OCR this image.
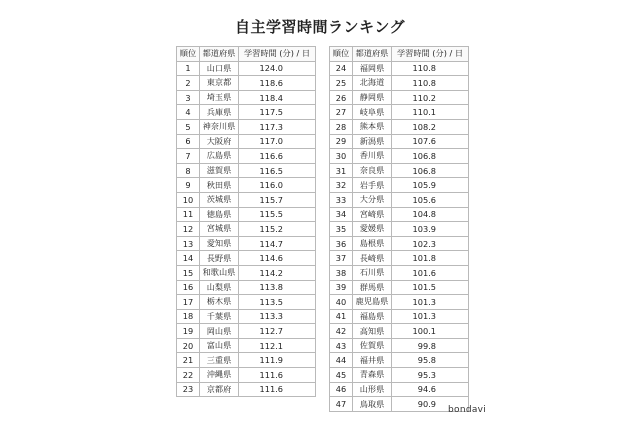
自主学習時間ランキング
順位	都道府県	学習時間 (分) / 日
1	山口県	124.0
2	東京都	118.6
3	埼玉県	118.4
4	兵庫県	117.5
5	神奈川県	117.3
6	大阪府	117.0
7	広島県	116.6
8	滋賀県	116.5
9	秋田県	116.0
10	茨城県	115.7
11	徳島県	115.5
12	宮城県	115.2
13	愛知県	114.7
14	長野県	114.6
15	和歌山県	114.2
16	山梨県	113.8
17	栃木県	113.5
18	千葉県	113.3
19	岡山県	112.7
20	富山県	112.1
21	三重県	111.9
22	沖縄県	111.6
23	京都府	111.6
順位	都道府県	学習時間 (分) / 日
24	福岡県	110.8
25	北海道	110.8
26	静岡県	110.2
27	岐阜県	110.1
28	熊本県	108.2
29	新潟県	107.6
30	香川県	106.8
31	奈良県	106.8
32	岩手県	105.9
33	大分県	105.6
34	宮崎県	104.8
35	愛媛県	103.9
36	島根県	102.3
37	長崎県	101.8
38	石川県	101.6
39	群馬県	101.5
40	鹿児島県	101.3
41	福島県	101.3
42	高知県	100.1
43	佐賀県	99.8
44	福井県	95.8
45	青森県	95.3
46	山形県	94.6
47	鳥取県	90.9
bondavi
